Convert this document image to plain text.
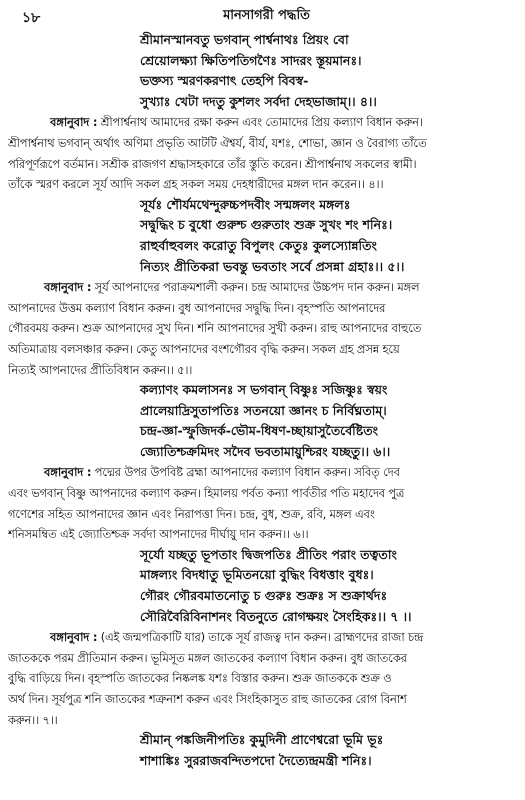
১৮	মানসাগরী পদ্ধতি
শ্রীমানস্মানবতু ভগবান্ পার্শ্বনাথঃ প্রিয়ং বো
শ্রেয়োলক্ষ্যা ক্ষিতিপতিগণৈঃ সাদরং স্তূয়মানঃ।
ভক্তস্য স্মরণকরণাৎ তেহপি বিবস্ব-
সুখ্যাঃ খেটা দদতু কুশলং সর্বদা দেহভাজাম্।। ৪।।
বঙ্গানুবাদ : শ্রীপার্শ্বনাথ আমাদের রক্ষা করুন এবং তোমাদের প্রিয় কল্যাণ বিধান করুন।
শ্রীপার্শ্বনাথ ভগবান্ অর্থাৎ অণিমা প্রভৃতি আটটি ঐশ্বর্য, বীর্য, যশঃ, শোভা, জ্ঞান ও বৈরাগ্য তাঁতে
পরিপূর্ণরূপে বর্তমান। সশ্রীক রাজগণ শ্রদ্ধাসহকারে তাঁর স্তুতি করেন। শ্রীপার্শ্বনাথ সকলের স্বামী।
তাঁকে স্মরণ করলে সূর্য আদি সকল গ্রহ সকল সময় দেহধারীদের মঙ্গল দান করেন।। ৪।।
সূর্যঃ শৌর্যমথেন্দুরুচ্চপদবীং সন্মঙ্গলং মঙ্গলঃ
সদ্বুদ্ধিং চ বুধো গুরুশ্চ গুরুতাং শুক্র সুখং শং শনিঃ।
রাহুর্বাহুবলং করোতু বিপুলং কেতুঃ কুলস্যোন্নতিং
নিত্যং প্রীতিকরা ভবন্তু ভবতাং সর্বে প্রসন্না গ্রহাঃ।। ৫।।
বঙ্গানুবাদ : সূর্য আপনাদের পরাক্রমশালী করুন। চন্দ্র আমাদের উচ্চপদ দান করুন। মঙ্গল
আপনাদের উত্তম কল্যাণ বিধান করুন। বুধ আপনাদের সদ্বুদ্ধি দিন। বৃহস্পতি আপনাদের
গৌরবময় করুন। শুক্র আপনাদের সুখ দিন। শনি আপনাদের সুখী করুন। রাহু আপনাদের বাহুতে
অতিমাত্রায় বলসঞ্চার করুন। কেতু আপনাদের বংশগৌরব বৃদ্ধি করুন। সকল গ্রহ প্রসন্ন হয়ে
নিত্যই আপনাদের প্রীতিবিধান করুন।। ৫।।
কল্যাণং কমলাসনঃ স ভগবান্ বিষ্ণুঃ সজিষ্ণুঃ স্বয়ং
প্রালেয়াদ্রিসুতাপতিঃ সতনয়ো জ্ঞানং চ নির্বিঘ্নতাম্।
চন্দ্র-জ্ঞা-স্ফুজিদর্ক-ভৌম-ধিষণ-চ্ছায়াসুতৈর্বেষ্টিতং
জ্যোতিশ্চক্রমিদং সদৈব ভবতামায়ুশ্চিরং যচ্ছতু।। ৬।।
বঙ্গানুবাদ : পদ্মের উপর উপবিষ্ট ব্রহ্মা আপনাদের কল্যাণ বিধান করুন। সবিতৃ দেব
এবং ভগবান্ বিষ্ণু আপনাদের কল্যাণ করুন। হিমালয় পর্বত কন্যা পার্বতীর পতি মহাদেব পুত্র
গণেশের সহিত আপনাদের জ্ঞান এবং নিরাপত্তা দিন। চন্দ্র, বুধ, শুক্র, রবি, মঙ্গল এবং
শনিসমম্বিত এই জ্যোতিশ্চক্র সর্বদা আপনাদের দীর্ঘায়ু দান করুন।। ৬।।
সূর্যো যচ্ছতু ভূপতাং দ্বিজপতিঃ প্রীতিং পরাং তত্বতাং
মাঙ্গল্যং বিদধাতু ভূমিতনয়ো বুদ্ধিং বিধত্তাং বুধঃ।
গৌরং গৌরবমাতনোতু চ গুরুঃ শুক্রঃ স শুক্রার্থদঃ
সৌরিবৈরিবিনাশনং বিতনুতে রোগক্ষয়ং সৈংহিকঃ।। ৭ ।।
বঙ্গানুবাদ : (এই জন্মপত্রিকাটি যার) তাকে সূর্য রাজত্ব দান করুন। ব্রাহ্মণদের রাজা চন্দ্র
জাতককে পরম প্রীতিমান করুন। ভূমিসূত মঙ্গল জাতকের কল্যাণ বিধান করুন। বুধ জাতকের
বুদ্ধি বাড়িয়ে দিন। বৃহস্পতি জাতকের নিষ্কলঙ্ক যশঃ বিস্তার করুন। শুক্র জাতককে শুক্র ও
অর্থ দিন। সূর্যপুত্র শনি জাতকের শত্রুনাশ করুন এবং সিংহিকাসুত রাহু জাতকের রোগ বিনাশ
করুন।। ৭।।
শ্রীমান্ পঙ্কজিনীপতিঃ কুমুদিনী প্রাণেশ্বরো ভূমি ভূঃ
শাশাঙ্কিঃ সুররাজবন্দিতপদো দৈত্যেন্দ্রমন্ত্রী শনিঃ।
